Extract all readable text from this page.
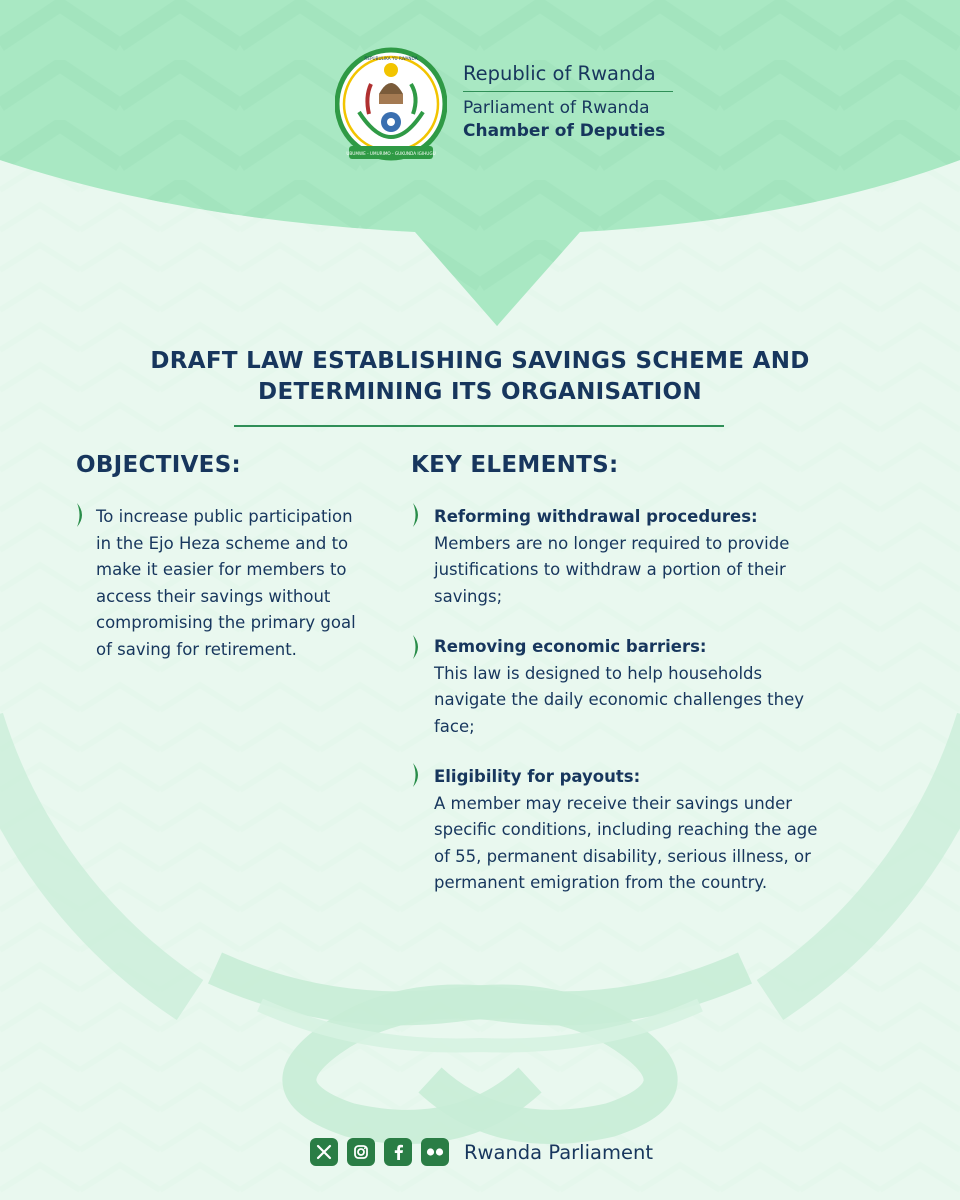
UBUMWE - UMURIMO - GUKUNDA IGIHUGU
REPUBULIKA YU RWANDA
Republic of Rwanda
Parliament of Rwanda
Chamber of Deputies
DRAFT LAW ESTABLISHING SAVINGS SCHEME AND
DETERMINING ITS ORGANISATION
OBJECTIVES:	KEY ELEMENTS:
To increase public participation
in the Ejo Heza scheme and to
make it easier for members to
access their savings without
compromising the primary goal
of saving for retirement.
Reforming withdrawal procedures:
Members are no longer required to provide
justifications to withdraw a portion of their
savings;
Removing economic barriers:
This law is designed to help households
navigate the daily economic challenges they
face;
Eligibility for payouts:
A member may receive their savings under
specific conditions, including reaching the age
of 55, permanent disability, serious illness, or
permanent emigration from the country.
Rwanda Parliament
